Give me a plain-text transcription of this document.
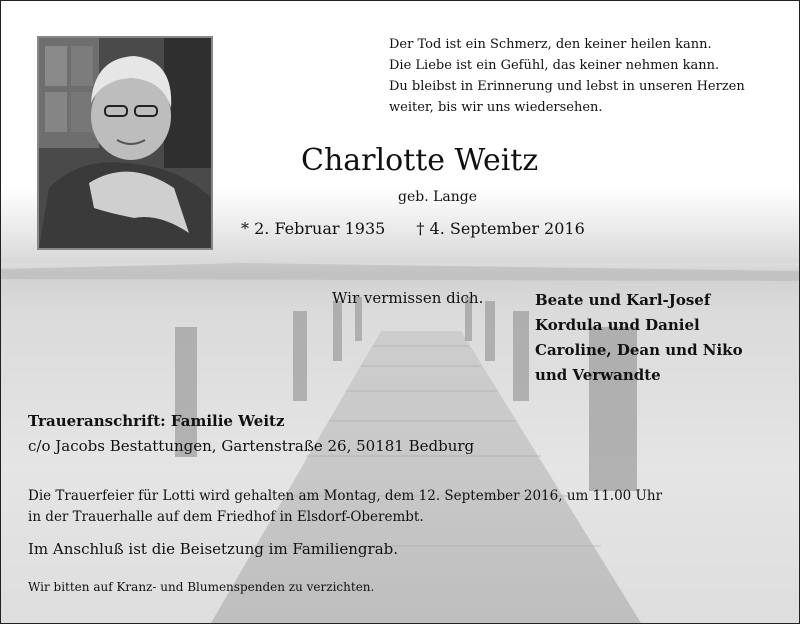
Der Tod ist ein Schmerz, den keiner heilen kann.
Die Liebe ist ein Gefühl, das keiner nehmen kann.
Du bleibst in Erinnerung und lebst in unseren Herzen
weiter, bis wir uns wiedersehen.
Charlotte Weitz
geb. Lange
* 2. Februar 1935 † 4. September 2016
Wir vermissen dich.	Beate und Karl-Josef
Kordula und Daniel
Caroline, Dean und Niko
und Verwandte
Traueranschrift: Familie Weitz
c/o Jacobs Bestattungen, Gartenstraße 26, 50181 Bedburg
Die Trauerfeier für Lotti wird gehalten am Montag, dem 12. September 2016, um 11.00 Uhr
in der Trauerhalle auf dem Friedhof in Elsdorf-Oberembt.
Im Anschluß ist die Beisetzung im Familiengrab.
Wir bitten auf Kranz- und Blumenspenden zu verzichten.
